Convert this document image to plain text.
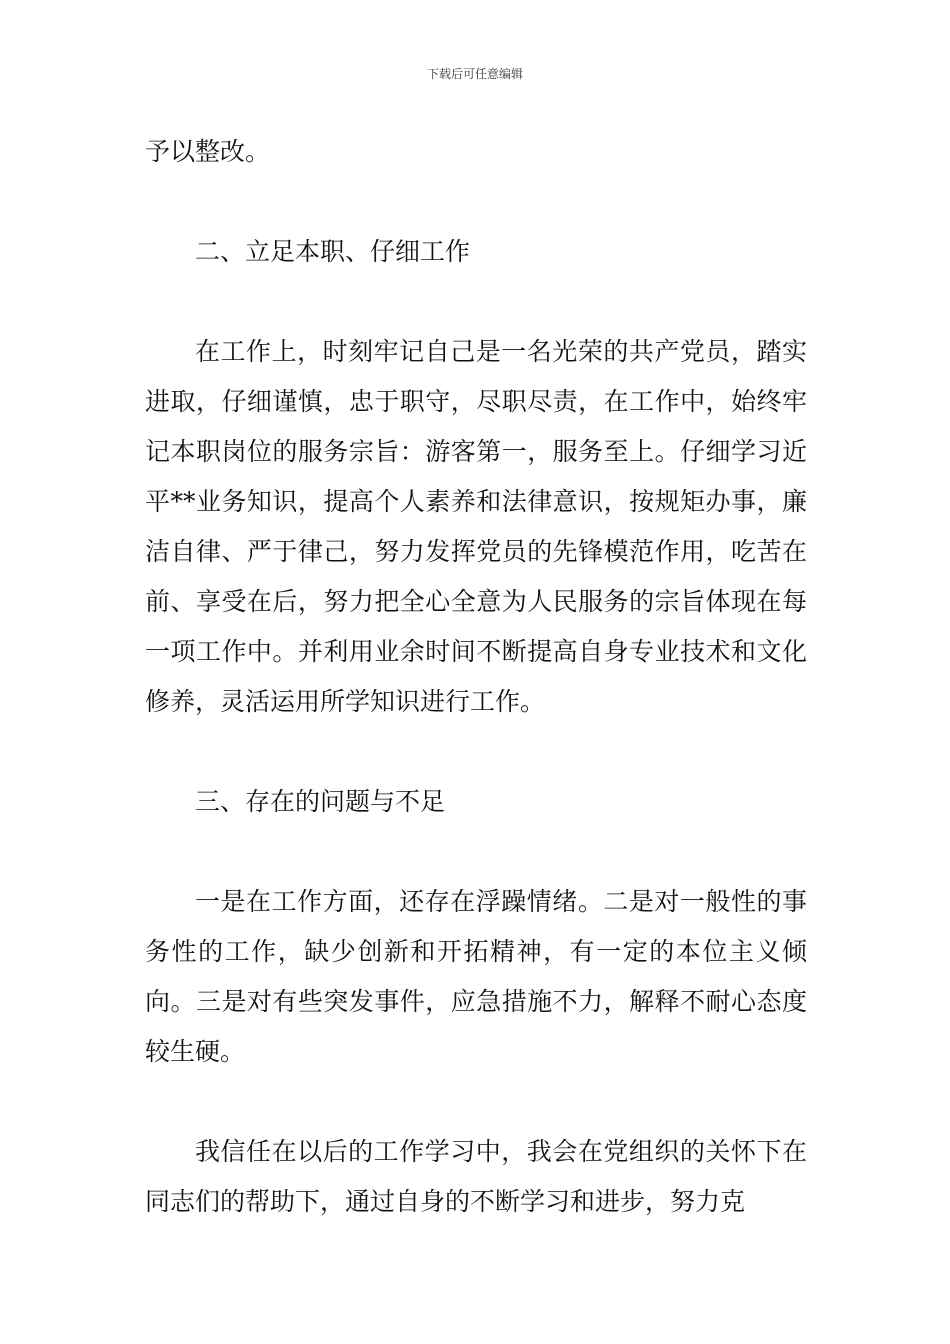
下载后可任意编辑

予以整改。

二、立足本职、仔细工作

在工作上，时刻牢记自己是一名光荣的共产党员，踏实进取，仔细谨慎，忠于职守，尽职尽责，在工作中，始终牢记本职岗位的服务宗旨：游客第一，服务至上。仔细学习近平**业务知识，提高个人素养和法律意识，按规矩办事，廉洁自律、严于律己，努力发挥党员的先锋模范作用，吃苦在前、享受在后，努力把全心全意为人民服务的宗旨体现在每一项工作中。并利用业余时间不断提高自身专业技术和文化修养，灵活运用所学知识进行工作。

三、存在的问题与不足

一是在工作方面，还存在浮躁情绪。二是对一般性的事务性的工作，缺少创新和开拓精神，有一定的本位主义倾向。三是对有些突发事件，应急措施不力，解释不耐心态度较生硬。

我信任在以后的工作学习中，我会在党组织的关怀下在同志们的帮助下，通过自身的不断学习和进步，努力克
